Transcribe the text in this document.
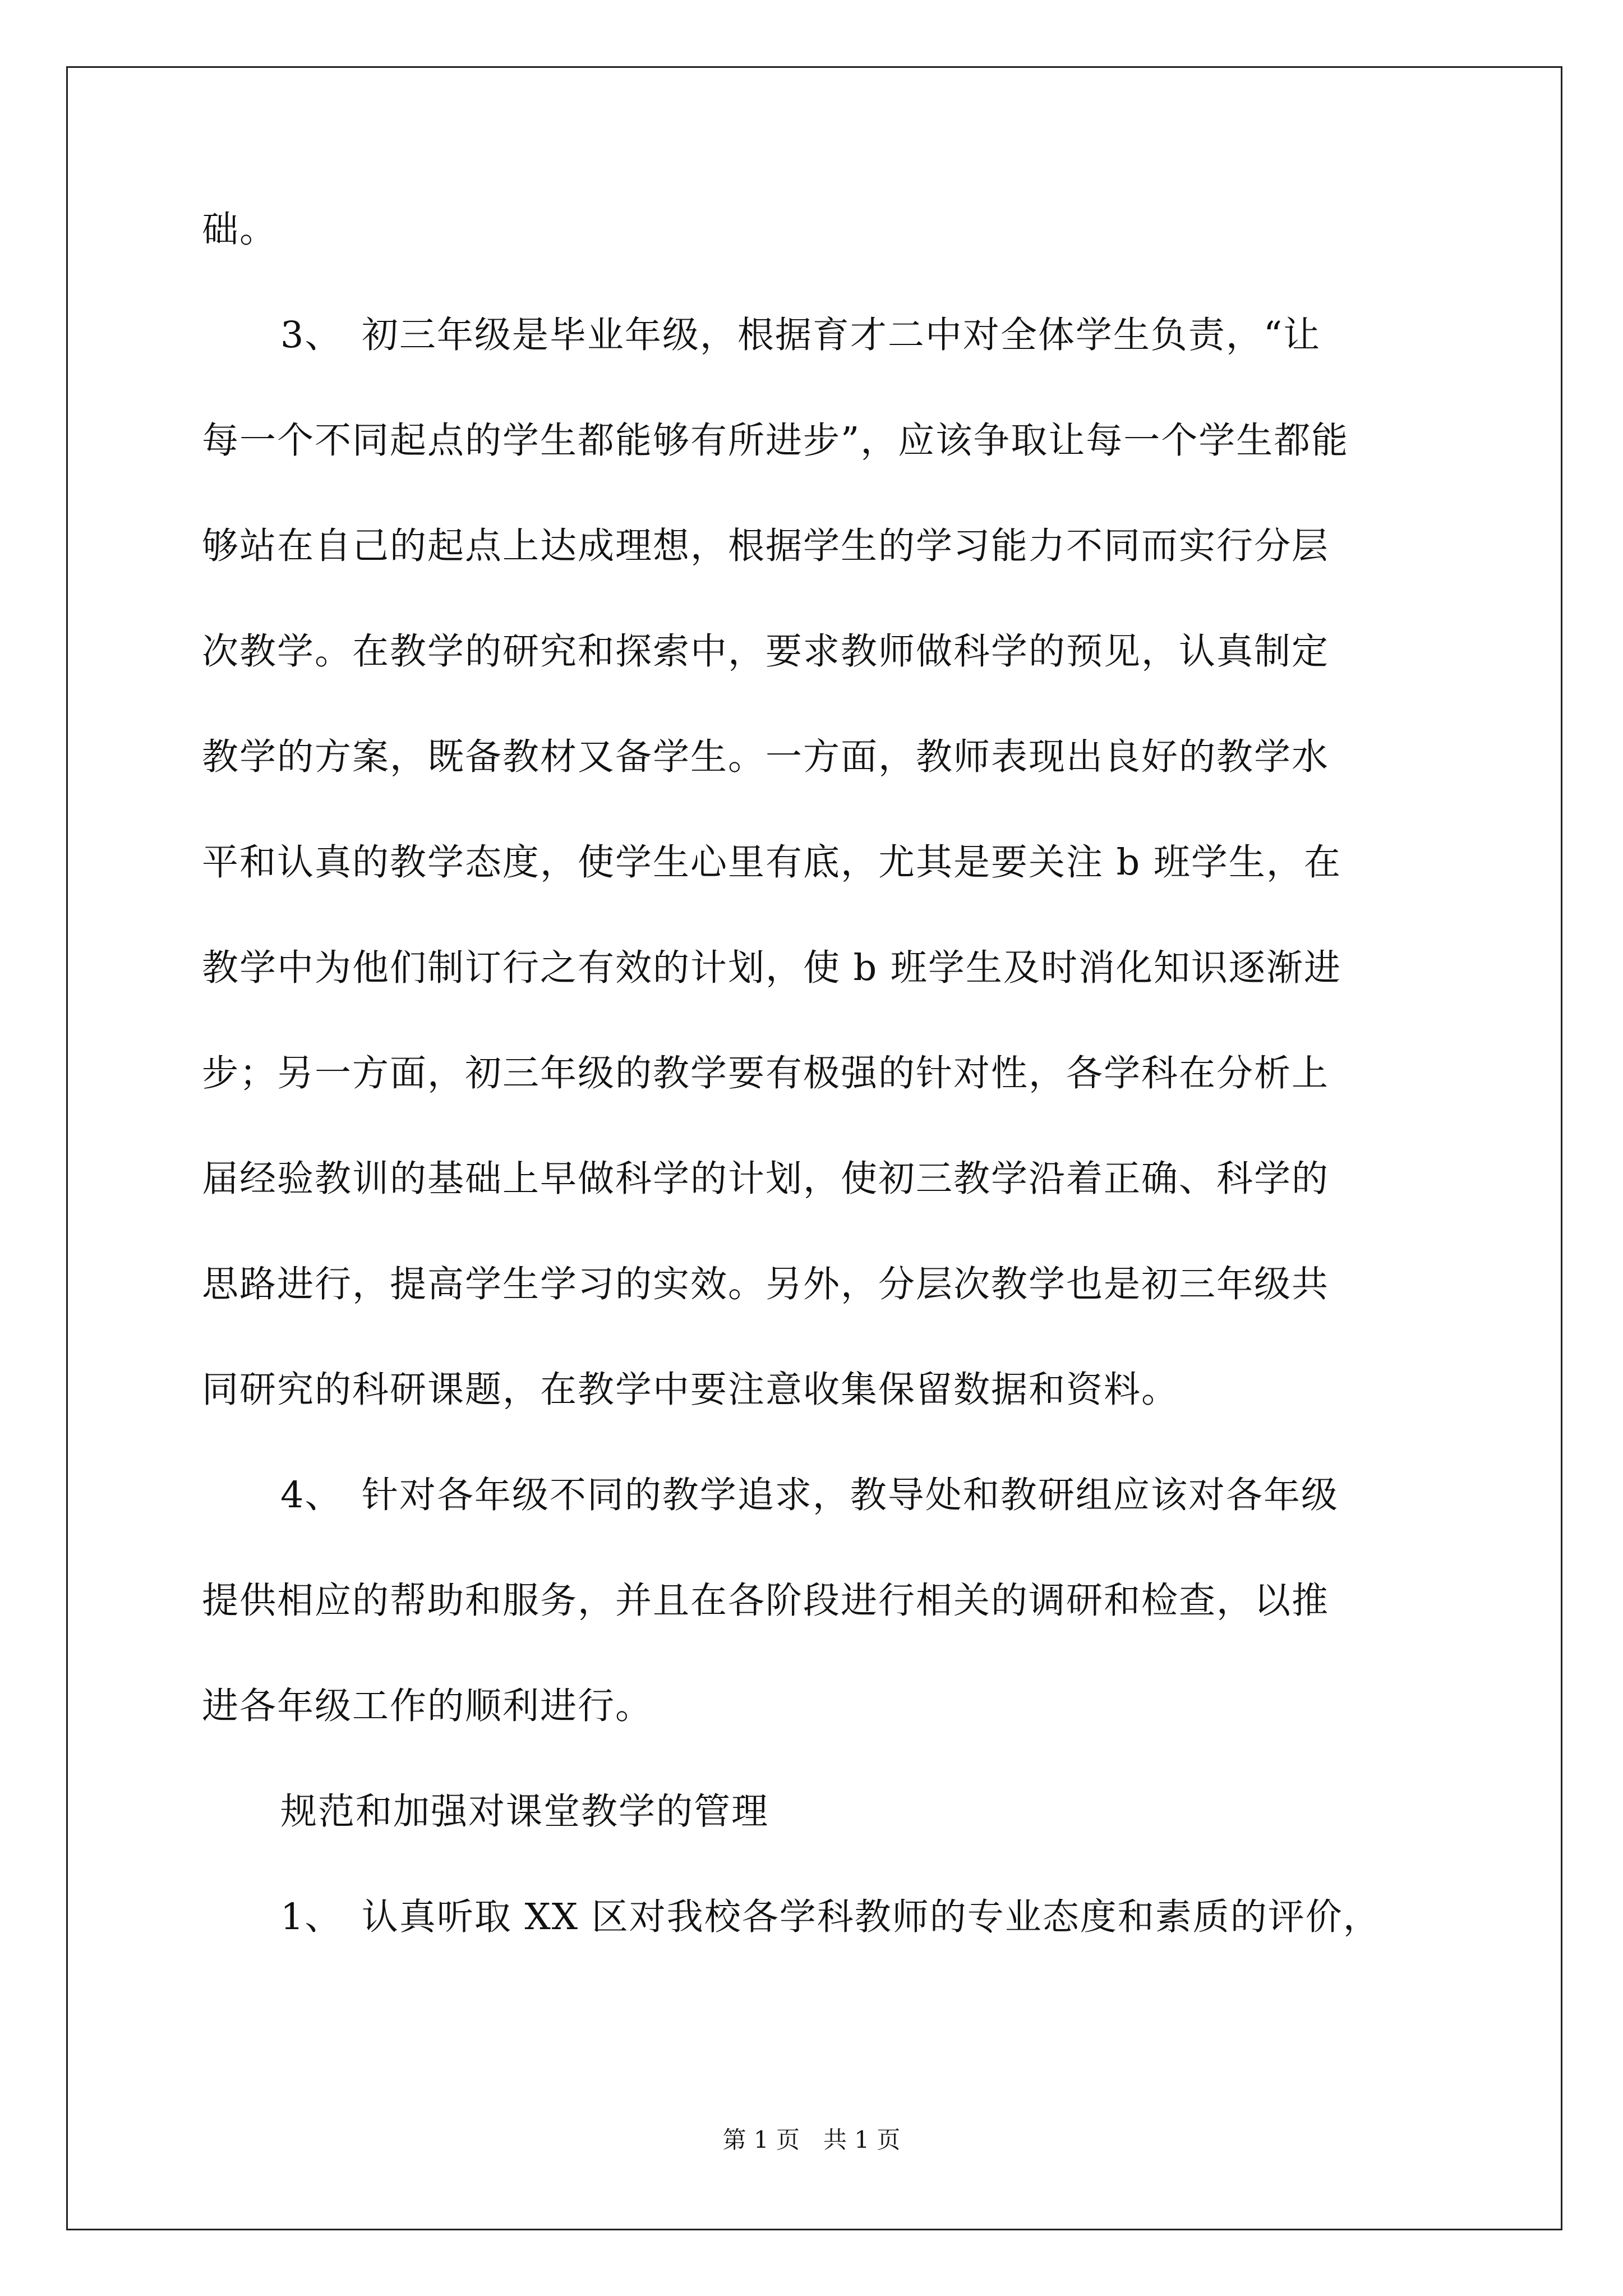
础。
3、　初三年级是毕业年级，根据育才二中对全体学生负责，“让
每一个不同起点的学生都能够有所进步”，应该争取让每一个学生都能
够站在自己的起点上达成理想，根据学生的学习能力不同而实行分层
次教学。在教学的研究和探索中，要求教师做科学的预见，认真制定
教学的方案，既备教材又备学生。一方面，教师表现出良好的教学水
平和认真的教学态度，使学生心里有底，尤其是要关注 b 班学生，在
教学中为他们制订行之有效的计划，使 b 班学生及时消化知识逐渐进
步；另一方面，初三年级的教学要有极强的针对性，各学科在分析上
届经验教训的基础上早做科学的计划，使初三教学沿着正确、科学的
思路进行，提高学生学习的实效。另外，分层次教学也是初三年级共
同研究的科研课题，在教学中要注意收集保留数据和资料。
4、　针对各年级不同的教学追求，教导处和教研组应该对各年级
提供相应的帮助和服务，并且在各阶段进行相关的调研和检查，以推
进各年级工作的顺利进行。
规范和加强对课堂教学的管理
1、　认真听取 XX 区对我校各学科教师的专业态度和素质的评价，
第 1 页　共 1 页
